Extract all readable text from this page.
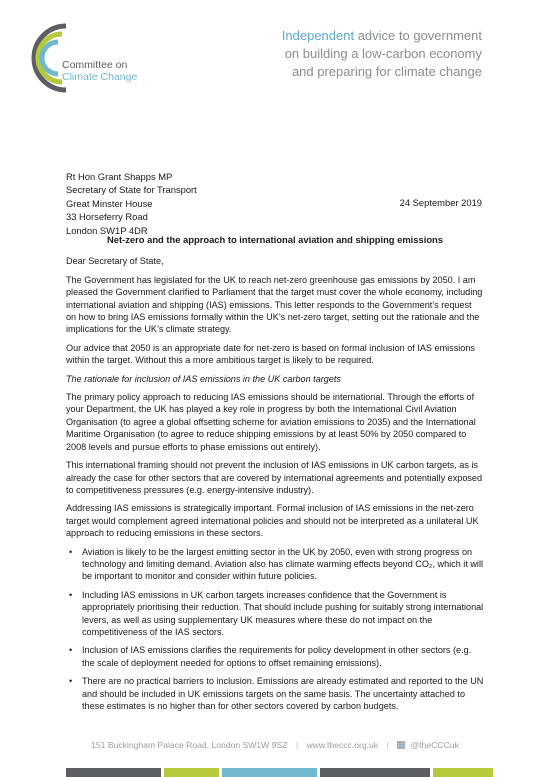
Committee on
Climate Change
Independent advice to government
on building a low-carbon economy
and preparing for climate change
Rt Hon Grant Shapps MP
Secretary of State for Transport
Great Minster House
33 Horseferry Road
London SW1P 4DR
24 September 2019
Net-zero and the approach to international aviation and shipping emissions

Dear Secretary of State,

The Government has legislated for the UK to reach net-zero greenhouse gas emissions by 2050. I am pleased the Government clarified to Parliament that the target must cover the whole economy, including international aviation and shipping (IAS) emissions. This letter responds to the Government’s request on how to bring IAS emissions formally within the UK’s net-zero target, setting out the rationale and the implications for the UK’s climate strategy.

Our advice that 2050 is an appropriate date for net-zero is based on formal inclusion of IAS emissions within the target. Without this a more ambitious target is likely to be required.

The rationale for inclusion of IAS emissions in the UK carbon targets

The primary policy approach to reducing IAS emissions should be international. Through the efforts of your Department, the UK has played a key role in progress by both the International Civil Aviation Organisation (to agree a global offsetting scheme for aviation emissions to 2035) and the International Maritime Organisation (to agree to reduce shipping emissions by at least 50% by 2050 compared to 2008 levels and pursue efforts to phase emissions out entirely).

This international framing should not prevent the inclusion of IAS emissions in UK carbon targets, as is already the case for other sectors that are covered by international agreements and potentially exposed to competitiveness pressures (e.g. energy-intensive industry).

Addressing IAS emissions is strategically important. Formal inclusion of IAS emissions in the net-zero target would complement agreed international policies and should not be interpreted as a unilateral UK approach to reducing emissions in these sectors.

• Aviation is likely to be the largest emitting sector in the UK by 2050, even with strong progress on technology and limiting demand. Aviation also has climate warming effects beyond CO₂, which it will be important to monitor and consider within future policies.
• Including IAS emissions in UK carbon targets increases confidence that the Government is appropriately prioritising their reduction. That should include pushing for suitably strong international levers, as well as using supplementary UK measures where these do not impact on the competitiveness of the IAS sectors.
• Inclusion of IAS emissions clarifies the requirements for policy development in other sectors (e.g. the scale of deployment needed for options to offset remaining emissions).
• There are no practical barriers to inclusion. Emissions are already estimated and reported to the UN and should be included in UK emissions targets on the same basis. The uncertainty attached to these estimates is no higher than for other sectors covered by carbon budgets.
151 Buckingham Palace Road, London SW1W 9SZ | www.theccc.org.uk |	@theCCCuk
